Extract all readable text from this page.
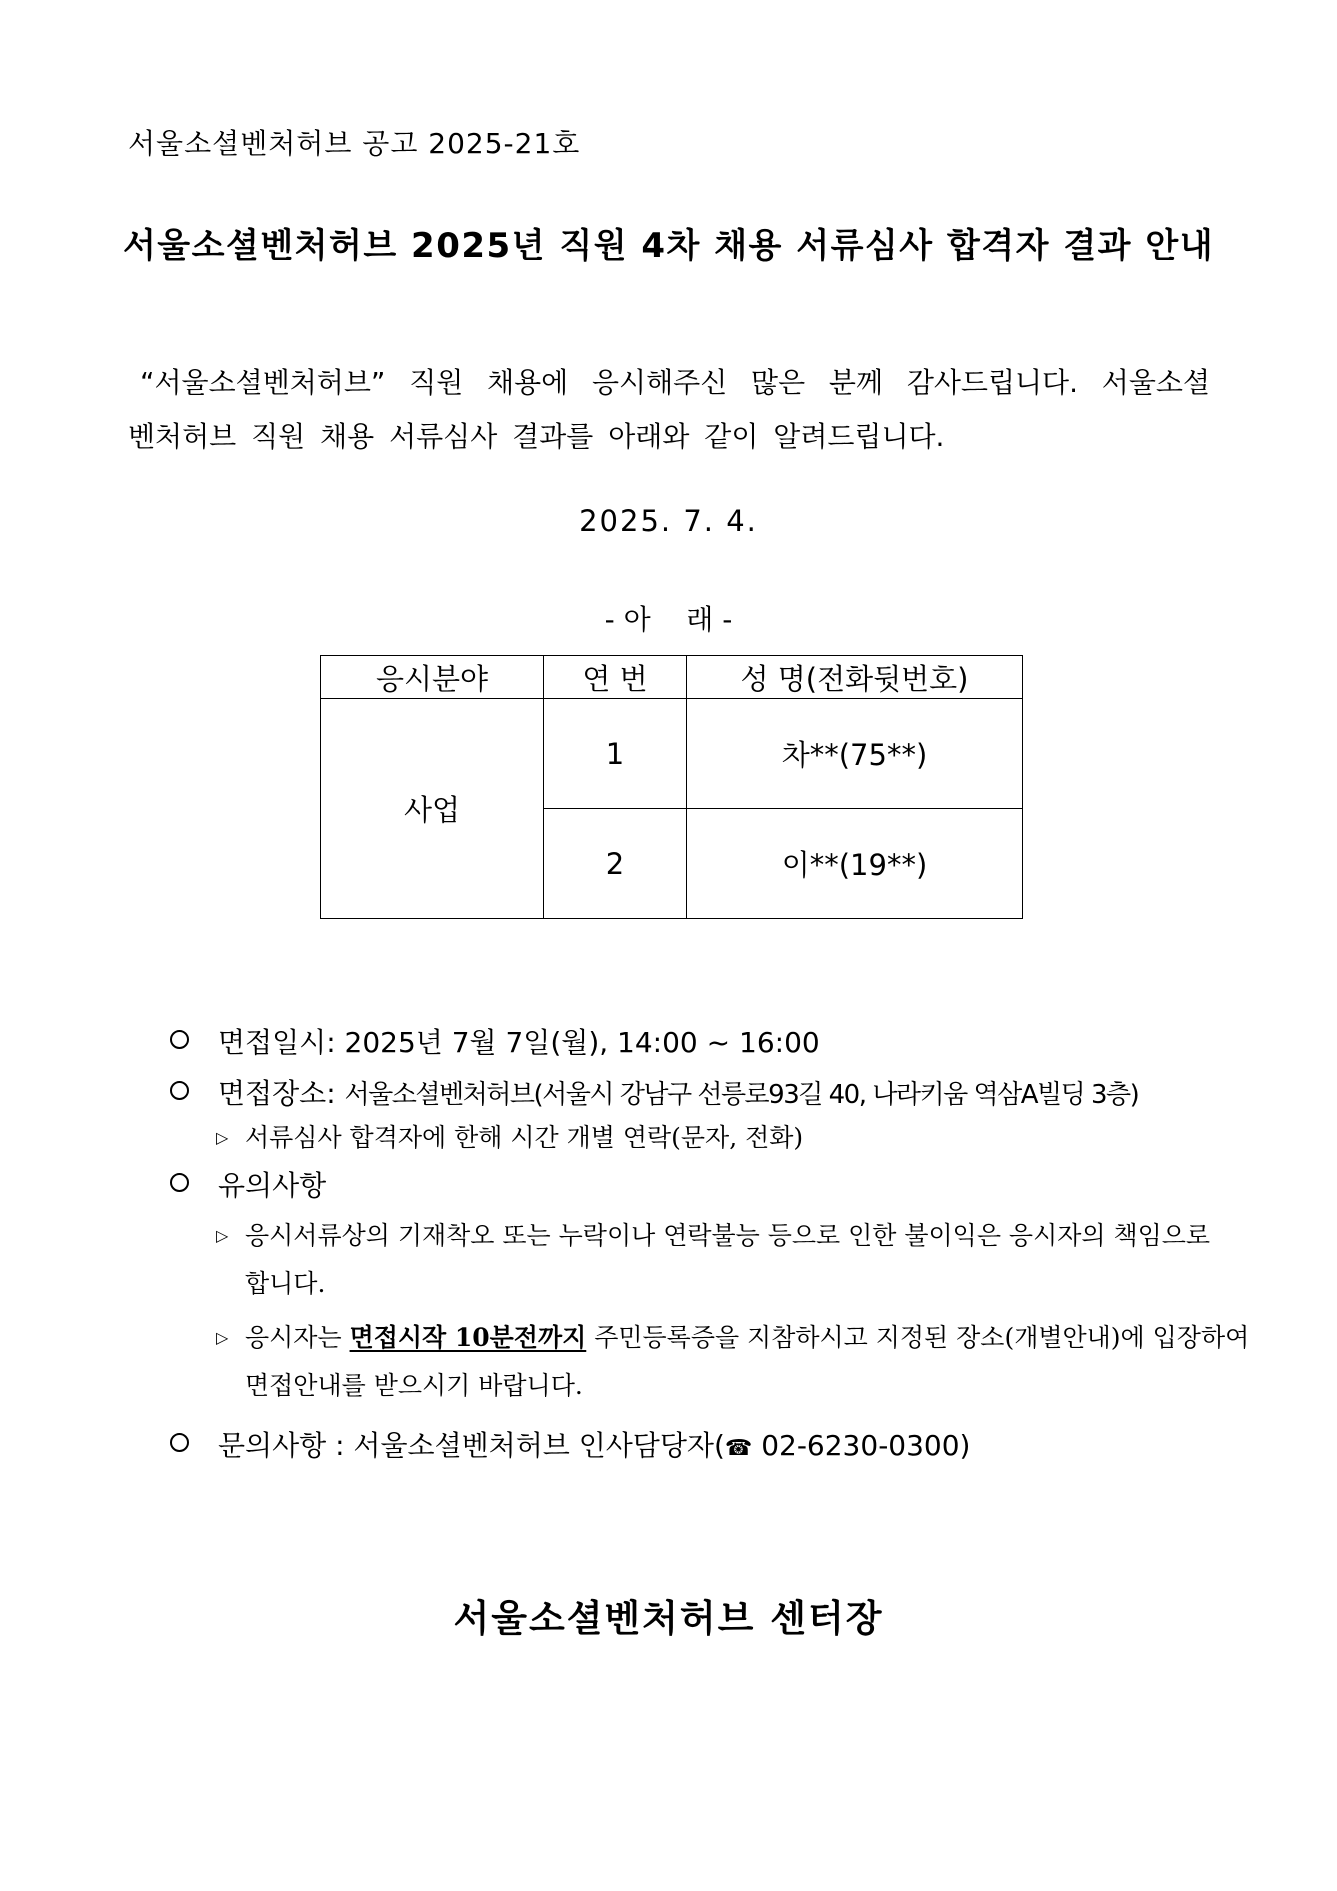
서울소셜벤처허브 공고 2025-21호
서울소셜벤처허브 2025년 직원 4차 채용 서류심사 합격자 결과 안내
“서울소셜벤처허브” 직원 채용에 응시해주신 많은 분께 감사드립니다. 서울소셜
벤처허브 직원 채용 서류심사 결과를 아래와 같이 알려드립니다.
2025. 7. 4.
- 아    래 -
응시분야	연 번	성 명(전화뒷번호)
사업	1	차**(75**)
	2	이**(19**)
면접일시: 2025년 7월 7일(월), 14:00 ~ 16:00
면접장소: 서울소셜벤처허브(서울시 강남구 선릉로93길 40, 나라키움 역삼A빌딩 3층)
▷ 서류심사 합격자에 한해 시간 개별 연락(문자, 전화)
유의사항
▷ 응시서류상의 기재착오 또는 누락이나 연락불능 등으로 인한 불이익은 응시자의 책임으로
합니다.
▷ 응시자는 면접시작 10분전까지 주민등록증을 지참하시고 지정된 장소(개별안내)에 입장하여
면접안내를 받으시기 바랍니다.
문의사항 : 서울소셜벤처허브 인사담당자(☎ 02-6230-0300)
서울소셜벤처허브 센터장
